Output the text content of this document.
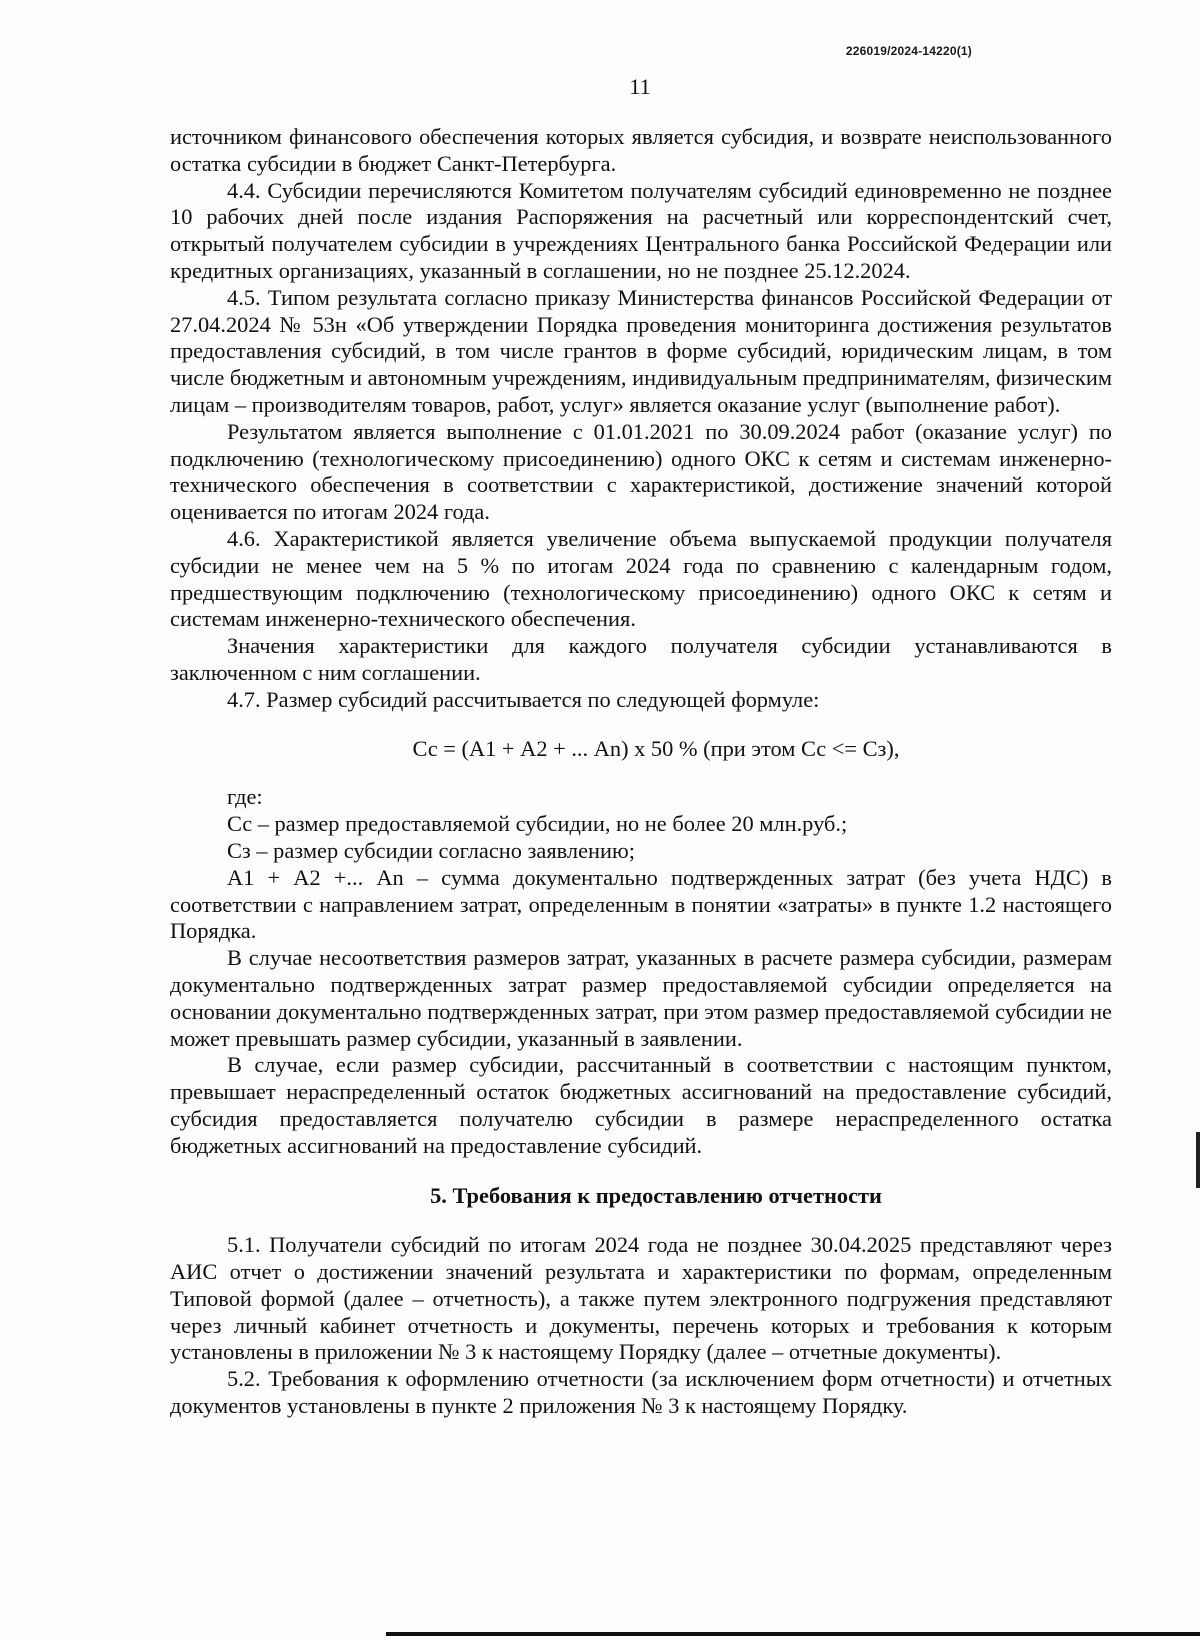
226019/2024-14220(1)
11

источником финансового обеспечения которых является субсидия, и возврате неиспользованного остатка субсидии в бюджет Санкт-Петербурга.

4.4. Субсидии перечисляются Комитетом получателям субсидий единовременно не позднее 10 рабочих дней после издания Распоряжения на расчетный или корреспондентский счет, открытый получателем субсидии в учреждениях Центрального банка Российской Федерации или кредитных организациях, указанный в соглашении, но не позднее 25.12.2024.

4.5. Типом результата согласно приказу Министерства финансов Российской Федерации от 27.04.2024 № 53н «Об утверждении Порядка проведения мониторинга достижения результатов предоставления субсидий, в том числе грантов в форме субсидий, юридическим лицам, в том числе бюджетным и автономным учреждениям, индивидуальным предпринимателям, физическим лицам – производителям товаров, работ, услуг» является оказание услуг (выполнение работ).

Результатом является выполнение с 01.01.2021 по 30.09.2024 работ (оказание услуг) по подключению (технологическому присоединению) одного ОКС к сетям и системам инженерно-технического обеспечения в соответствии с характеристикой, достижение значений которой оценивается по итогам 2024 года.

4.6. Характеристикой является увеличение объема выпускаемой продукции получателя субсидии не менее чем на 5 % по итогам 2024 года по сравнению с календарным годом, предшествующим подключению (технологическому присоединению) одного ОКС к сетям и системам инженерно-технического обеспечения.

Значения характеристики для каждого получателя субсидии устанавливаются в заключенном с ним соглашении.

4.7. Размер субсидий рассчитывается по следующей формуле:

Сс = (А1 + А2 + ... Аn) х 50 % (при этом Сс <= Сз),

где:

Сс – размер предоставляемой субсидии, но не более 20 млн.руб.;

Сз – размер субсидии согласно заявлению;

А1 + А2 +... Аn – сумма документально подтвержденных затрат (без учета НДС) в соответствии с направлением затрат, определенным в понятии «затраты» в пункте 1.2 настоящего Порядка.

В случае несоответствия размеров затрат, указанных в расчете размера субсидии, размерам документально подтвержденных затрат размер предоставляемой субсидии определяется на основании документально подтвержденных затрат, при этом размер предоставляемой субсидии не может превышать размер субсидии, указанный в заявлении.

В случае, если размер субсидии, рассчитанный в соответствии с настоящим пунктом, превышает нераспределенный остаток бюджетных ассигнований на предоставление субсидий, субсидия предоставляется получателю субсидии в размере нераспределенного остатка бюджетных ассигнований на предоставление субсидий.

5. Требования к предоставлению отчетности

5.1. Получатели субсидий по итогам 2024 года не позднее 30.04.2025 представляют через АИС отчет о достижении значений результата и характеристики по формам, определенным Типовой формой (далее – отчетность), а также путем электронного подгружения представляют через личный кабинет отчетность и документы, перечень которых и требования к которым установлены в приложении № 3 к настоящему Порядку (далее – отчетные документы).

5.2. Требования к оформлению отчетности (за исключением форм отчетности) и отчетных документов установлены в пункте 2 приложения № 3 к настоящему Порядку.
